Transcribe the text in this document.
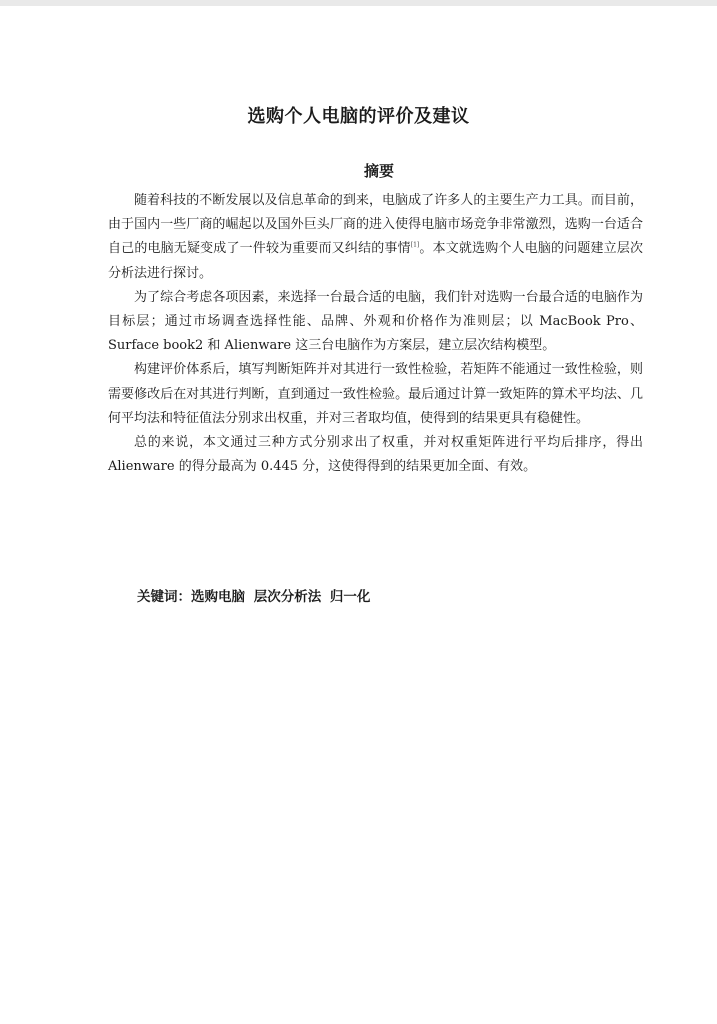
选购个人电脑的评价及建议
摘要

随着科技的不断发展以及信息革命的到来，电脑成了许多人的主要生产力工具。而目前，由于国内一些厂商的崛起以及国外巨头厂商的进入使得电脑市场竞争非常激烈，选购一台适合自己的电脑无疑变成了一件较为重要而又纠结的事情[1]。本文就选购个人电脑的问题建立层次分析法进行探讨。

为了综合考虑各项因素，来选择一台最合适的电脑，我们针对选购一台最合适的电脑作为目标层；通过市场调查选择性能、品牌、外观和价格作为准则层；以 MacBook Pro、Surface book2 和 Alienware 这三台电脑作为方案层，建立层次结构模型。

构建评价体系后，填写判断矩阵并对其进行一致性检验，若矩阵不能通过一致性检验，则需要修改后在对其进行判断，直到通过一致性检验。最后通过计算一致矩阵的算术平均法、几何平均法和特征值法分别求出权重，并对三者取均值，使得到的结果更具有稳健性。

总的来说，本文通过三种方式分别求出了权重，并对权重矩阵进行平均后排序，得出 Alienware 的得分最高为 0.445 分，这使得得到的结果更加全面、有效。

关键词：选购电脑 层次分析法 归一化
